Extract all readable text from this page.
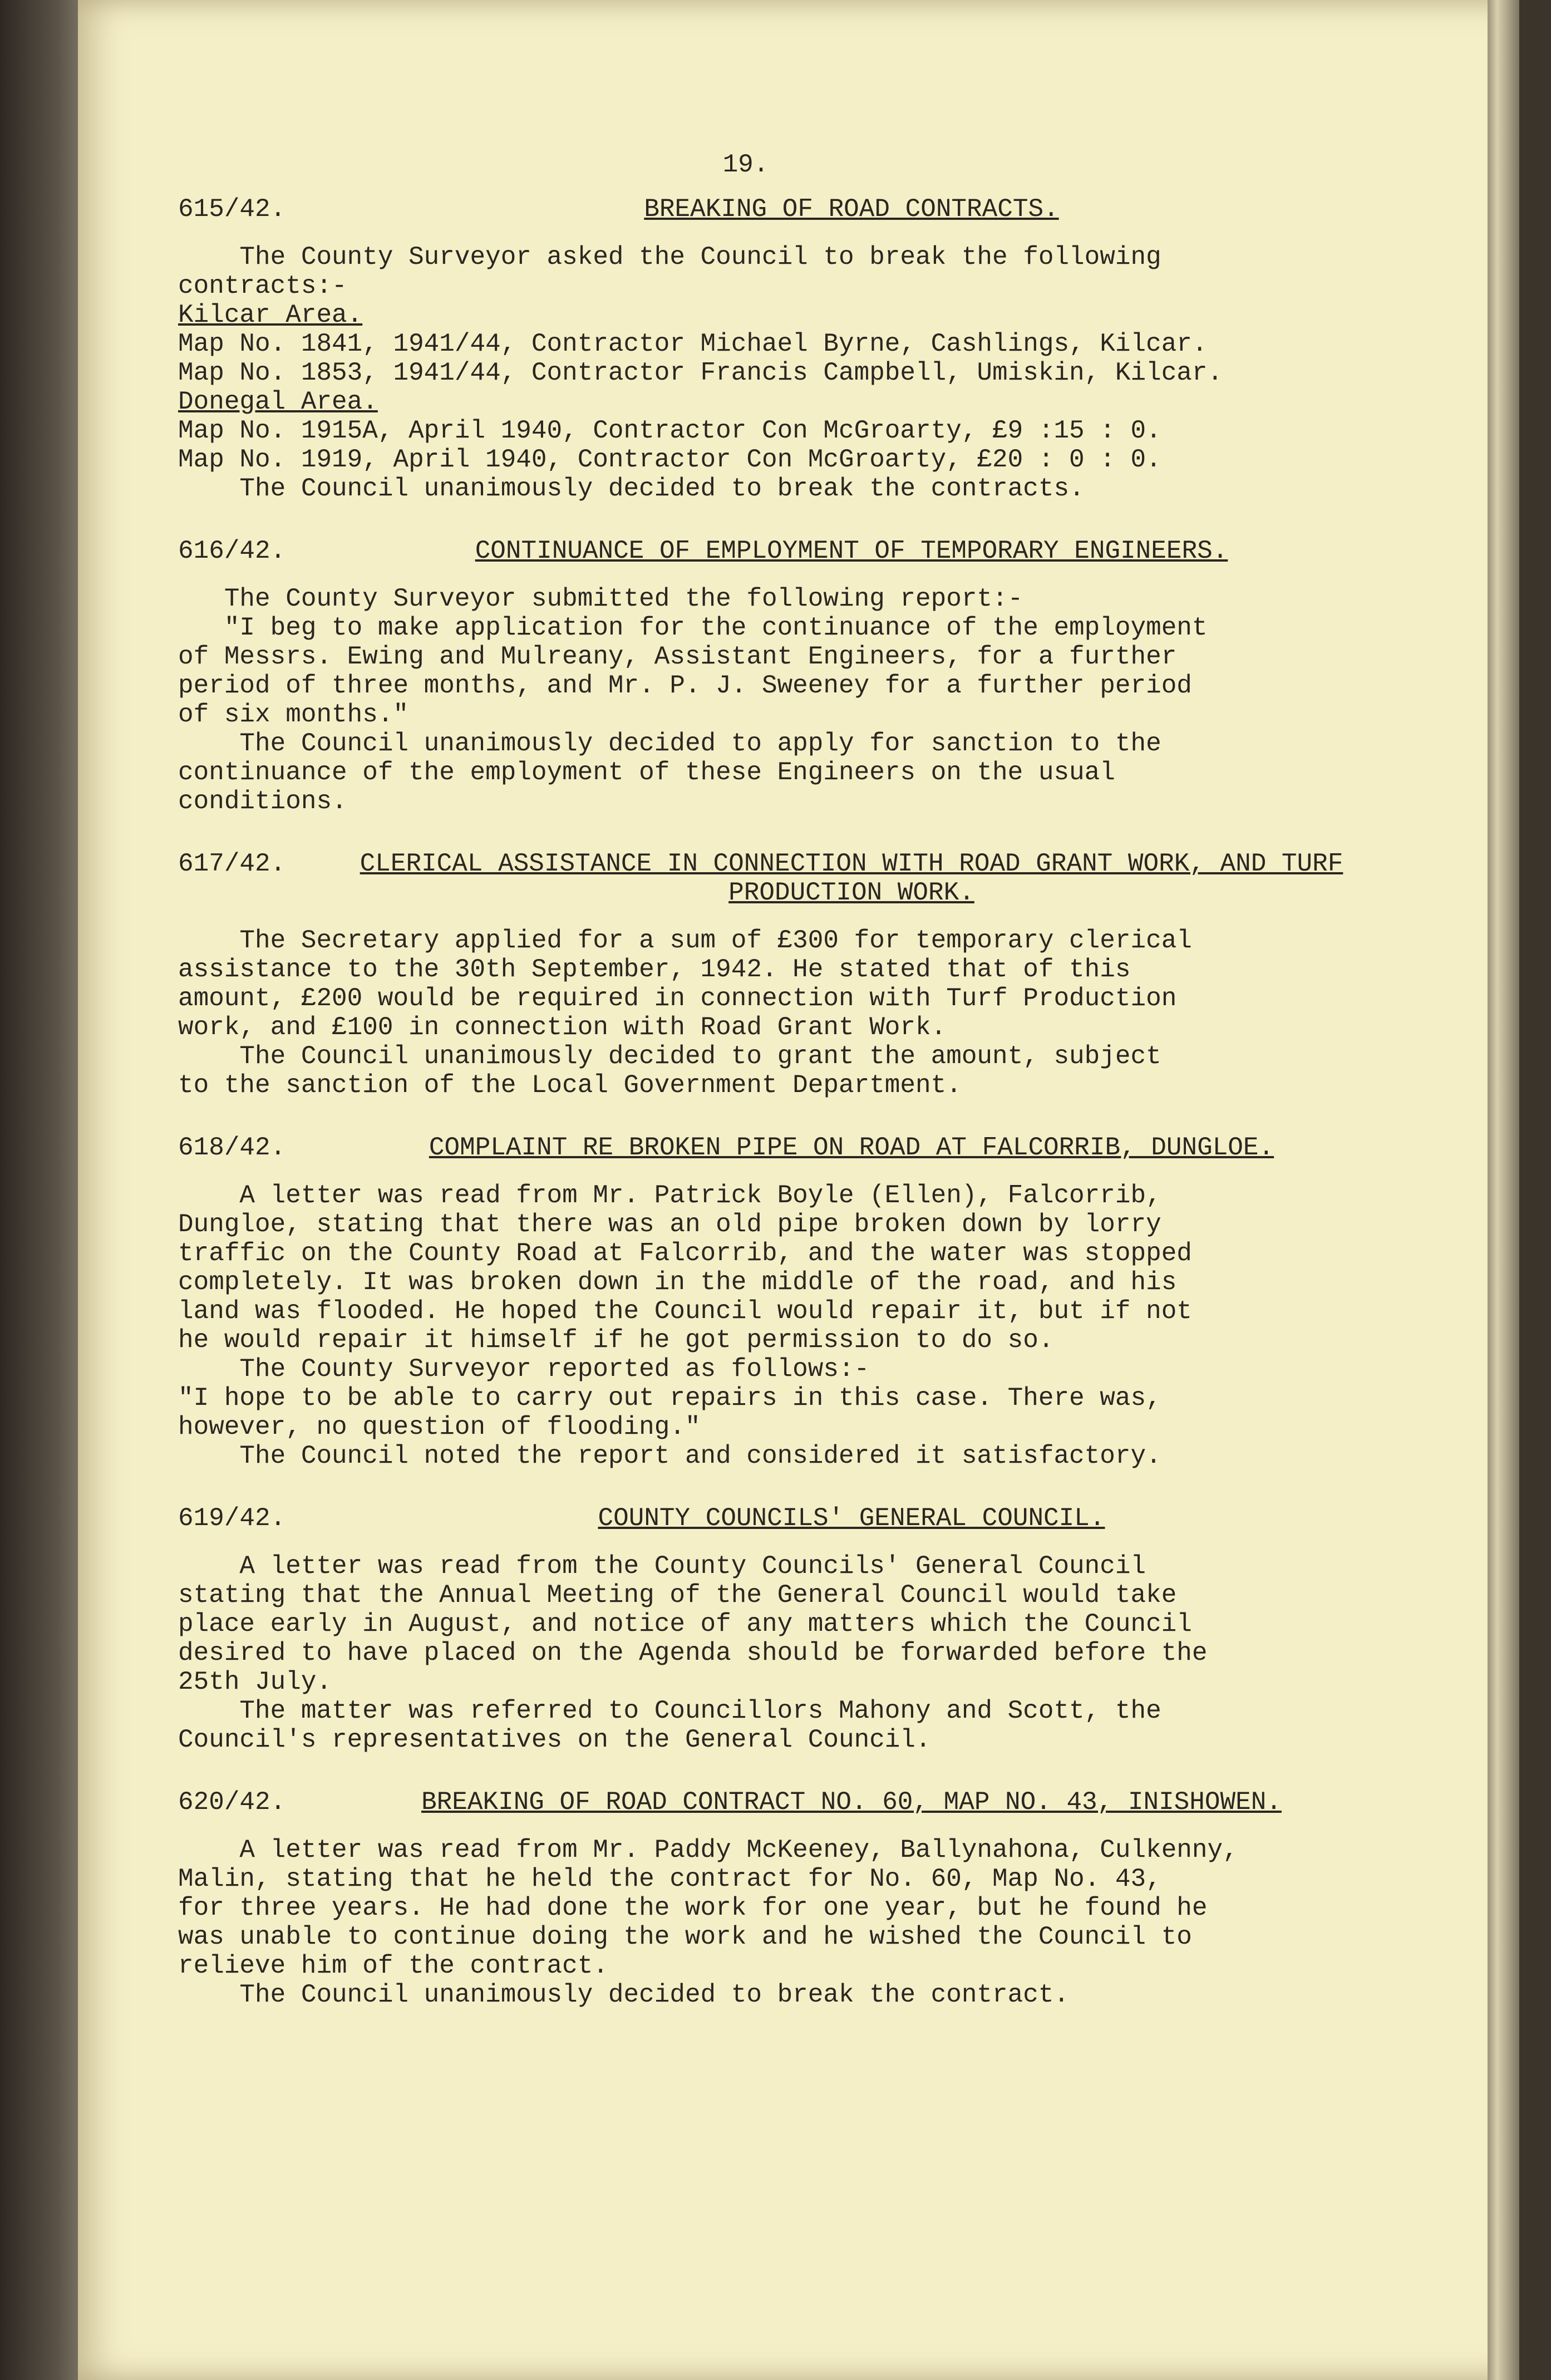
19.
615/42.	BREAKING OF ROAD CONTRACTS.
The County Surveyor asked the Council to break the following
contracts:-
Kilcar Area.
Map No. 1841, 1941/44, Contractor Michael Byrne, Cashlings, Kilcar.
Map No. 1853, 1941/44, Contractor Francis Campbell, Umiskin, Kilcar.
Donegal Area.
Map No. 1915A, April 1940, Contractor Con McGroarty, £9 :15 : 0.
Map No. 1919, April 1940, Contractor Con McGroarty, £20 : 0 : 0.
The Council unanimously decided to break the contracts.
616/42.	CONTINUANCE OF EMPLOYMENT OF TEMPORARY ENGINEERS.
The County Surveyor submitted the following report:-
"I beg to make application for the continuance of the employment
of Messrs. Ewing and Mulreany, Assistant Engineers, for a further
period of three months, and Mr. P. J. Sweeney for a further period
of six months."
The Council unanimously decided to apply for sanction to the
continuance of the employment of these Engineers on the usual
conditions.
617/42.	CLERICAL ASSISTANCE IN CONNECTION WITH ROAD GRANT WORK, AND TURF PRODUCTION WORK.
The Secretary applied for a sum of £300 for temporary clerical
assistance to the 30th September, 1942. He stated that of this
amount, £200 would be required in connection with Turf Production
work, and £100 in connection with Road Grant Work.
The Council unanimously decided to grant the amount, subject
to the sanction of the Local Government Department.
618/42.	COMPLAINT RE BROKEN PIPE ON ROAD AT FALCORRIB, DUNGLOE.
A letter was read from Mr. Patrick Boyle (Ellen), Falcorrib,
Dungloe, stating that there was an old pipe broken down by lorry
traffic on the County Road at Falcorrib, and the water was stopped
completely. It was broken down in the middle of the road, and his
land was flooded. He hoped the Council would repair it, but if not
he would repair it himself if he got permission to do so.
The County Surveyor reported as follows:-
"I hope to be able to carry out repairs in this case. There was,
however, no question of flooding."
The Council noted the report and considered it satisfactory.
619/42.	COUNTY COUNCILS' GENERAL COUNCIL.
A letter was read from the County Councils' General Council
stating that the Annual Meeting of the General Council would take
place early in August, and notice of any matters which the Council
desired to have placed on the Agenda should be forwarded before the
25th July.
The matter was referred to Councillors Mahony and Scott, the
Council's representatives on the General Council.
620/42.	BREAKING OF ROAD CONTRACT NO. 60, MAP NO. 43, INISHOWEN.
A letter was read from Mr. Paddy McKeeney, Ballynahona, Culkenny,
Malin, stating that he held the contract for No. 60, Map No. 43,
for three years. He had done the work for one year, but he found he
was unable to continue doing the work and he wished the Council to
relieve him of the contract.
The Council unanimously decided to break the contract.
